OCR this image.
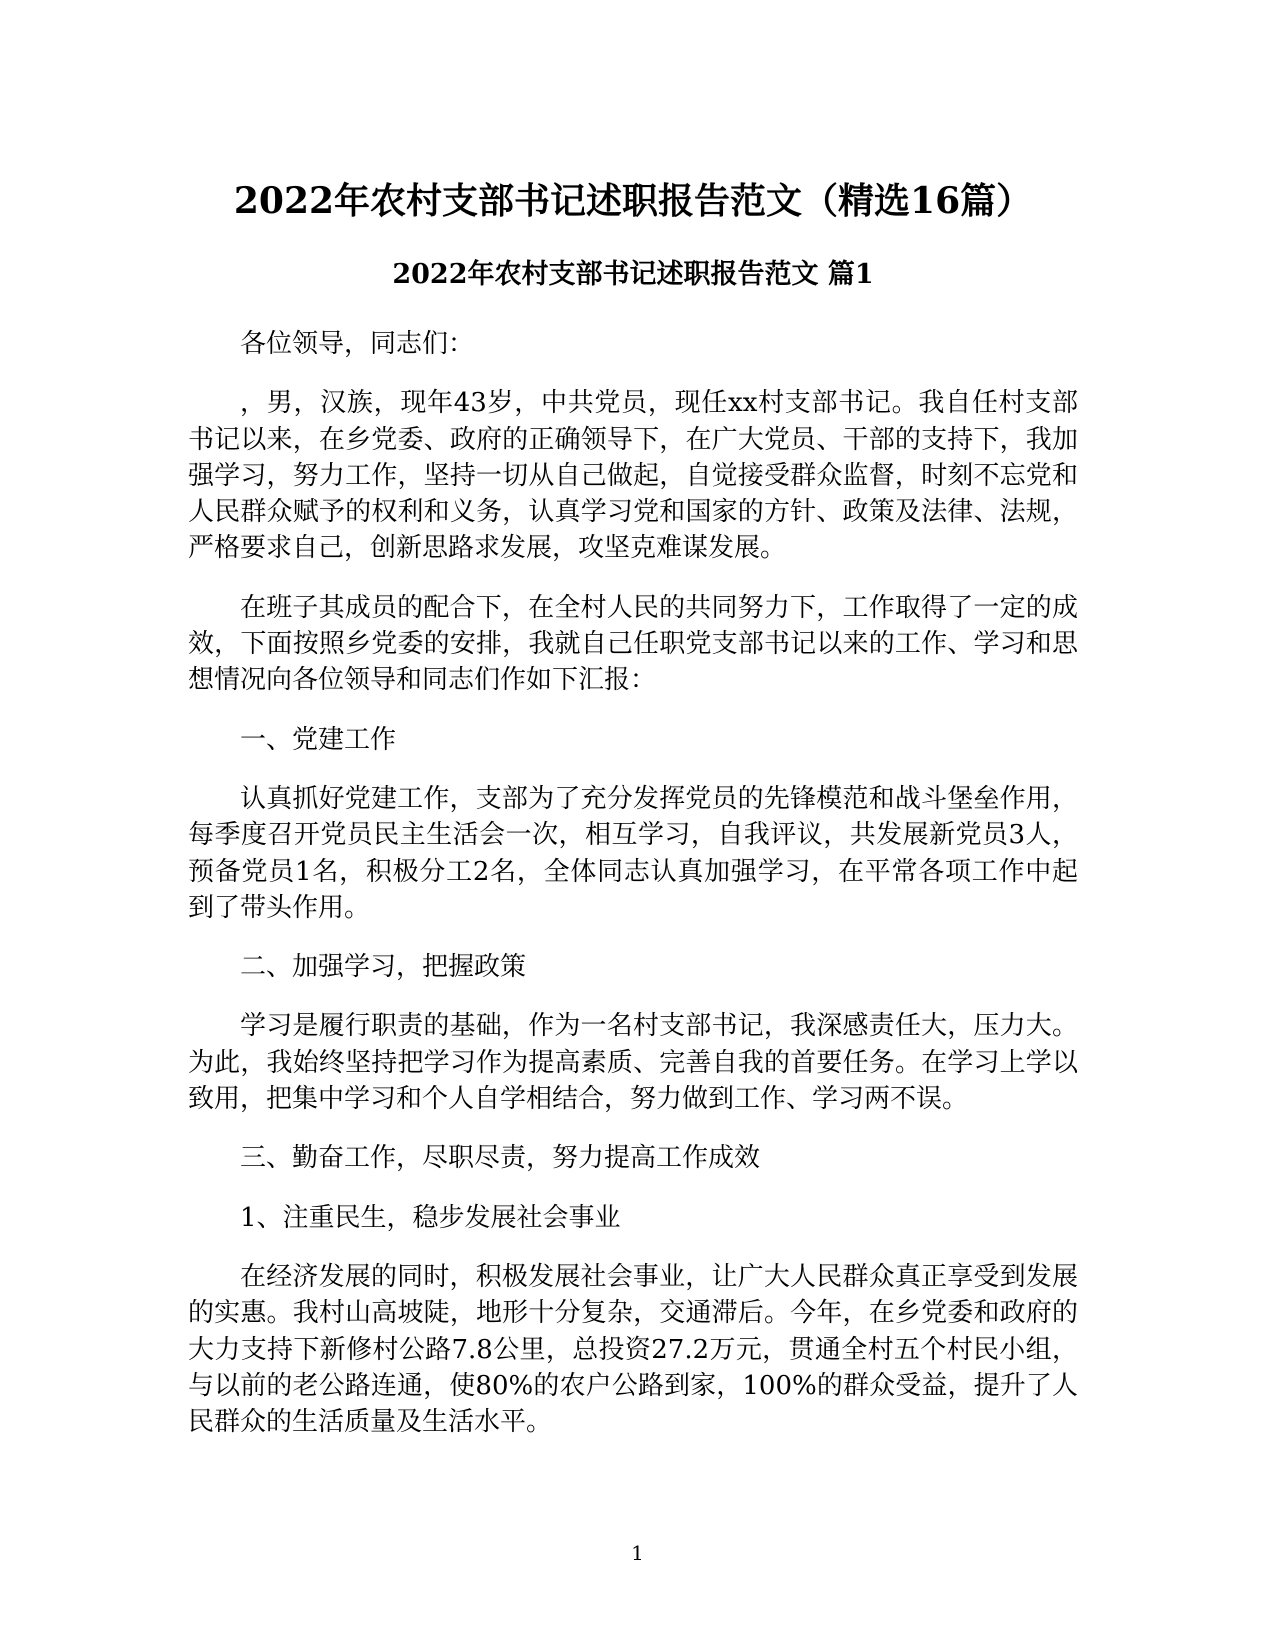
2022年农村支部书记述职报告范文（精选16篇）
2022年农村支部书记述职报告范文 篇1

各位领导，同志们：

，男，汉族，现年43岁，中共党员，现任xx村支部书记。我自任村支部书记以来，在乡党委、政府的正确领导下，在广大党员、干部的支持下，我加强学习，努力工作，坚持一切从自己做起，自觉接受群众监督，时刻不忘党和人民群众赋予的权利和义务，认真学习党和国家的方针、政策及法律、法规，严格要求自己，创新思路求发展，攻坚克难谋发展。

在班子其成员的配合下，在全村人民的共同努力下，工作取得了一定的成效，下面按照乡党委的安排，我就自己任职党支部书记以来的工作、学习和思想情况向各位领导和同志们作如下汇报：

一、党建工作

认真抓好党建工作，支部为了充分发挥党员的先锋模范和战斗堡垒作用，每季度召开党员民主生活会一次，相互学习，自我评议，共发展新党员3人，预备党员1名，积极分工2名，全体同志认真加强学习，在平常各项工作中起到了带头作用。

二、加强学习，把握政策

学习是履行职责的基础，作为一名村支部书记，我深感责任大，压力大。为此，我始终坚持把学习作为提高素质、完善自我的首要任务。在学习上学以致用，把集中学习和个人自学相结合，努力做到工作、学习两不误。

三、勤奋工作，尽职尽责，努力提高工作成效

1、注重民生，稳步发展社会事业

在经济发展的同时，积极发展社会事业，让广大人民群众真正享受到发展的实惠。我村山高坡陡，地形十分复杂，交通滞后。今年，在乡党委和政府的大力支持下新修村公路7.8公里，总投资27.2万元，贯通全村五个村民小组，与以前的老公路连通，使80%的农户公路到家，100%的群众受益，提升了人民群众的生活质量及生活水平。

1
